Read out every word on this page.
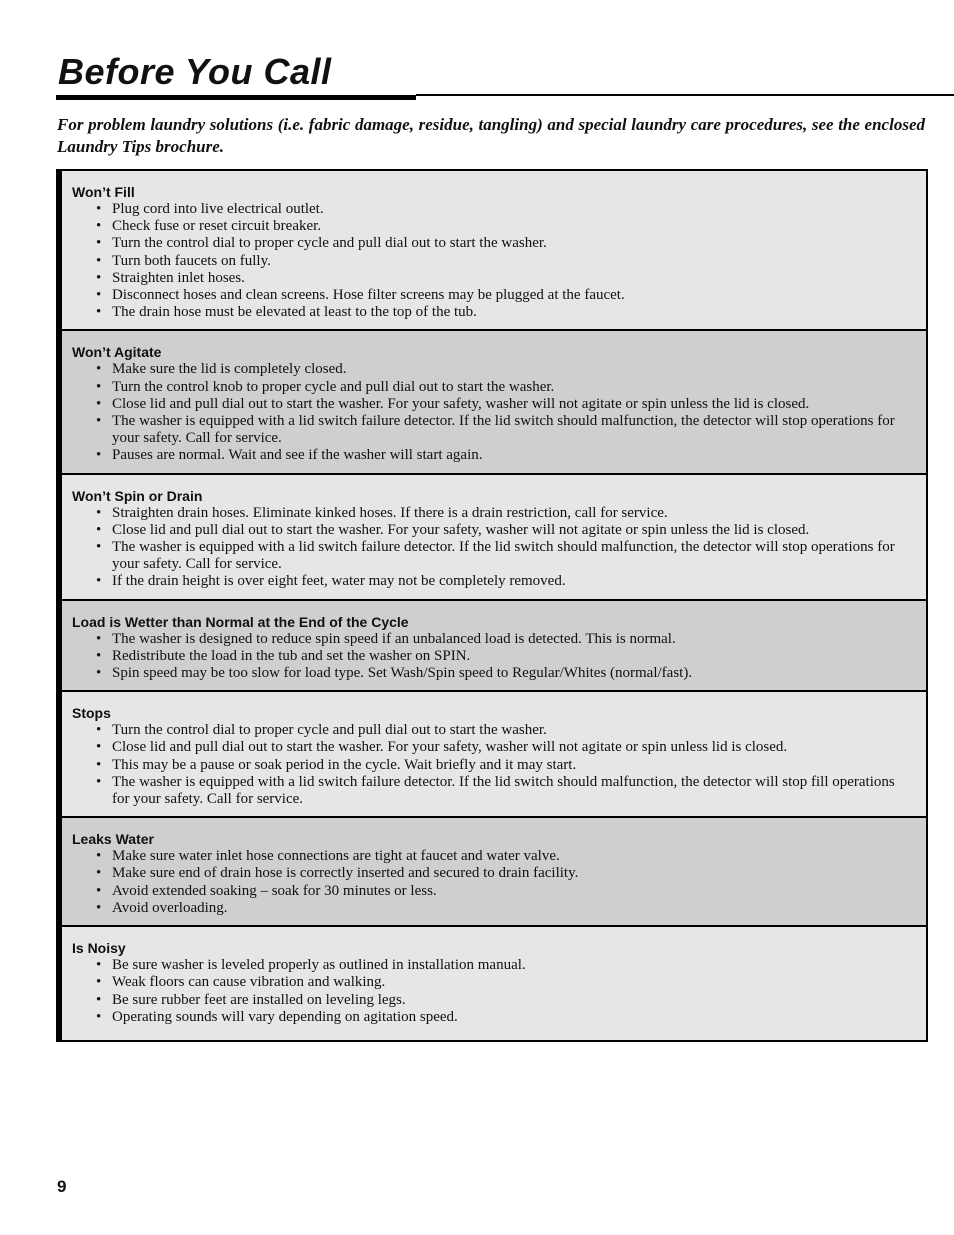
Before You Call

For problem laundry solutions (i.e. fabric damage, residue, tangling) and special laundry care procedures, see the enclosed Laundry Tips brochure.

Won’t Fill
• Plug cord into live electrical outlet.
• Check fuse or reset circuit breaker.
• Turn the control dial to proper cycle and pull dial out to start the washer.
• Turn both faucets on fully.
• Straighten inlet hoses.
• Disconnect hoses and clean screens. Hose filter screens may be plugged at the faucet.
• The drain hose must be elevated at least to the top of the tub.
Won’t Agitate
• Make sure the lid is completely closed.
• Turn the control knob to proper cycle and pull dial out to start the washer.
• Close lid and pull dial out to start the washer. For your safety, washer will not agitate or spin unless the lid is closed.
• The washer is equipped with a lid switch failure detector. If the lid switch should malfunction, the detector will stop operations for your safety. Call for service.
• Pauses are normal. Wait and see if the washer will start again.
Won’t Spin or Drain
• Straighten drain hoses. Eliminate kinked hoses. If there is a drain restriction, call for service.
• Close lid and pull dial out to start the washer. For your safety, washer will not agitate or spin unless the lid is closed.
• The washer is equipped with a lid switch failure detector. If the lid switch should malfunction, the detector will stop operations for your safety. Call for service.
• If the drain height is over eight feet, water may not be completely removed.
Load is Wetter than Normal at the End of the Cycle
• The washer is designed to reduce spin speed if an unbalanced load is detected. This is normal.
• Redistribute the load in the tub and set the washer on SPIN.
• Spin speed may be too slow for load type. Set Wash/Spin speed to Regular/Whites (normal/fast).
Stops
• Turn the control dial to proper cycle and pull dial out to start the washer.
• Close lid and pull dial out to start the washer. For your safety, washer will not agitate or spin unless lid is closed.
• This may be a pause or soak period in the cycle. Wait briefly and it may start.
• The washer is equipped with a lid switch failure detector. If the lid switch should malfunction, the detector will stop fill operations for your safety. Call for service.
Leaks Water
• Make sure water inlet hose connections are tight at faucet and water valve.
• Make sure end of drain hose is correctly inserted and secured to drain facility.
• Avoid extended soaking – soak for 30 minutes or less.
• Avoid overloading.
Is Noisy
• Be sure washer is leveled properly as outlined in installation manual.
• Weak floors can cause vibration and walking.
• Be sure rubber feet are installed on leveling legs.
• Operating sounds will vary depending on agitation speed.
9
